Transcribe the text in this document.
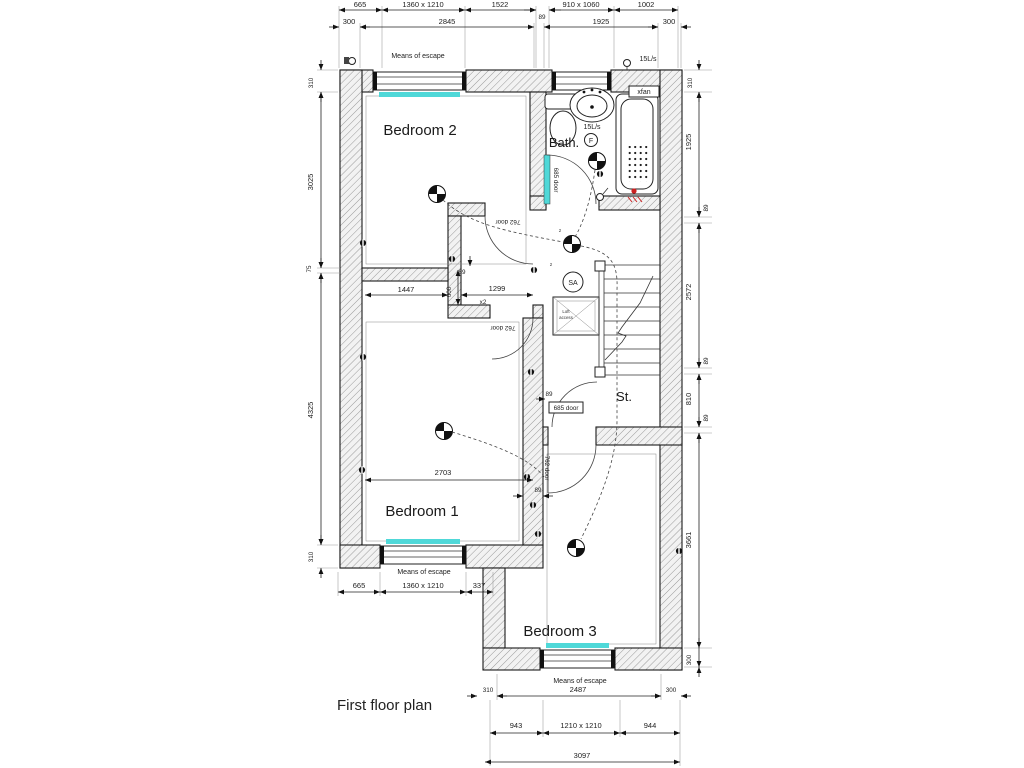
Loft
access
SA
2
2
15L/s
xfan
15L/s
F
Bedroom 2
Bedroom 1
Bedroom 3
Bath.
St.
First floor plan
Means of escape
Means of escape
Means of escape
762 door
762 door
762 door
685 door
685 door
665	1360 x 1210	1522
89
910 x 1060	1002
300	2845	1925	300
310
3025
75
4325
310
310
1925
89
2572
89
810
89
3661
300
1447	1299
600
89
x2
2703
89
89
665	1360 x 1210	337
2487
310	300
943	1210 x 1210	944
3097
